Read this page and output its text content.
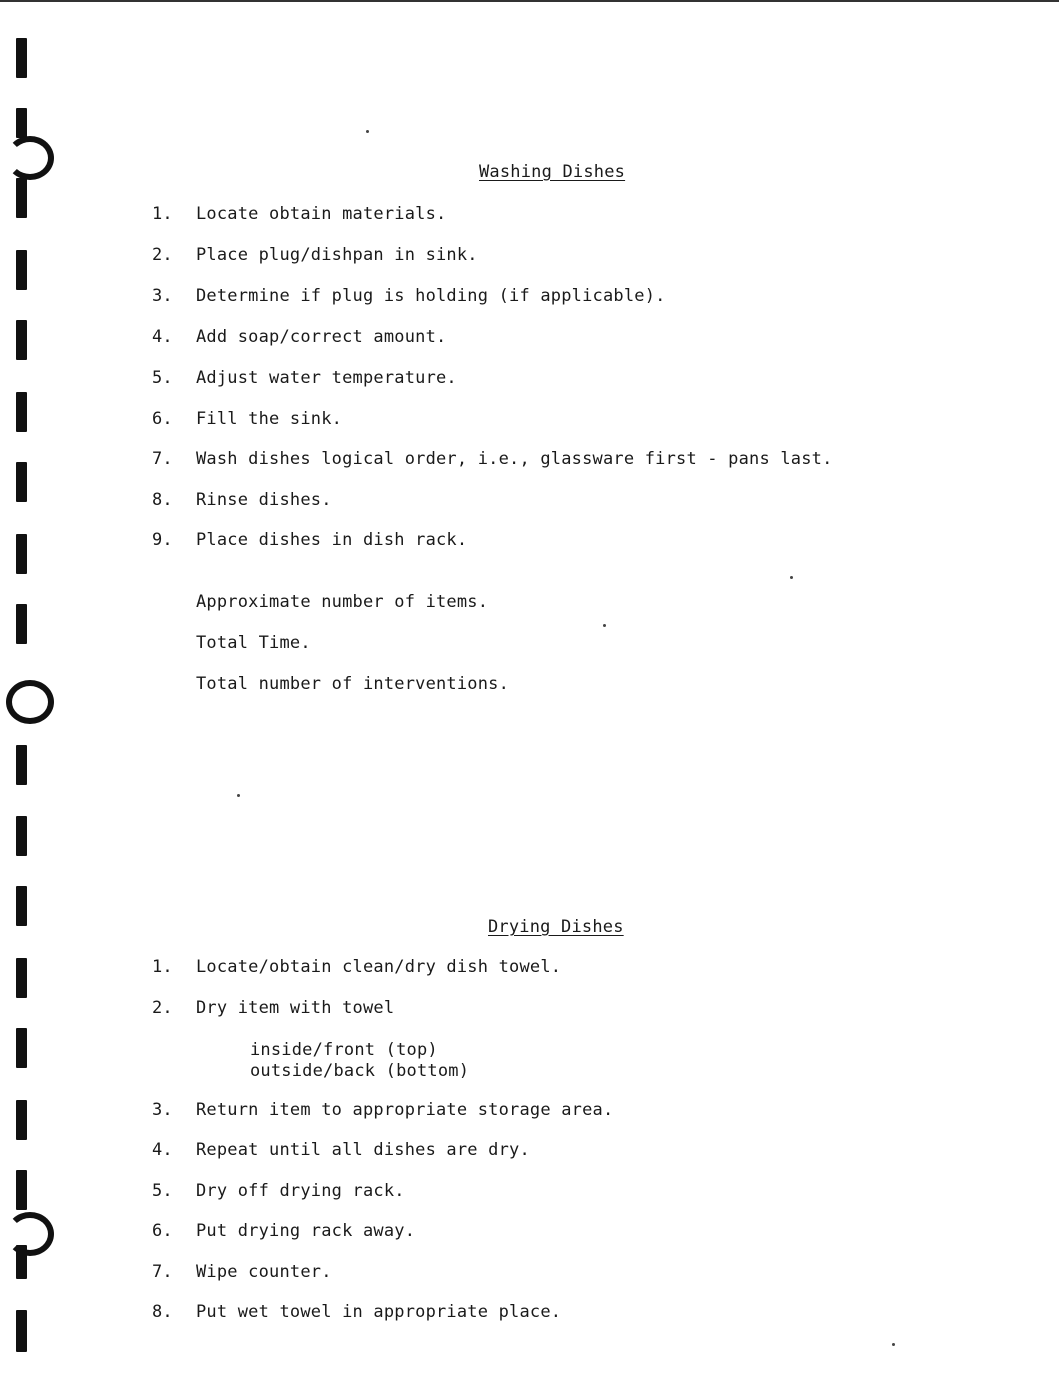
Washing Dishes
1. Locate obtain materials.
2. Place plug/dishpan in sink.
3. Determine if plug is holding (if applicable).
4. Add soap/correct amount.
5. Adjust water temperature.
6. Fill the sink.
7. Wash dishes logical order, i.e., glassware first - pans last.
8. Rinse dishes.
9. Place dishes in dish rack.
Approximate number of items.
Total Time.
Total number of interventions.
Drying Dishes
1. Locate/obtain clean/dry dish towel.
2. Dry item with towel
inside/front (top)
outside/back (bottom)
3. Return item to appropriate storage area.
4. Repeat until all dishes are dry.
5. Dry off drying rack.
6. Put drying rack away.
7. Wipe counter.
8. Put wet towel in appropriate place.
